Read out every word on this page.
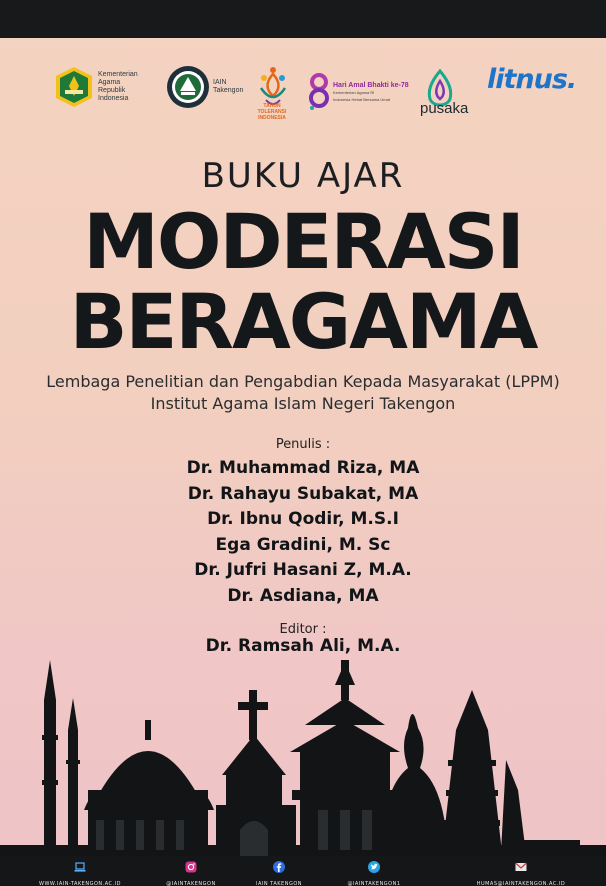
Kementerian Agama Republik Indonesia
IAIN Takengon
TAHUN TOLERANSI INDONESIA
Hari Amal Bhakti ke-78
Kementerian Agama RI
Indonesia Hebat Bersama Umat
pusaka
litnus.
BUKU AJAR
MODERASI
BERAGAMA
Lembaga Penelitian dan Pengabdian Kepada Masyarakat (LPPM)
Institut Agama Islam Negeri Takengon
Penulis :
Dr. Muhammad Riza, MA
Dr. Rahayu Subakat, MA
Dr. Ibnu Qodir, M.S.I
Ega Gradini, M. Sc
Dr. Jufri Hasani Z, M.A.
Dr. Asdiana, MA
Editor :
Dr. Ramsah Ali, M.A.
WWW.IAIN-TAKENGON.AC.ID	@IAINTAKENGON	IAIN TAKENGON	@IAINTAKENGON1	HUMAS@IAINTAKENGON.AC.ID
